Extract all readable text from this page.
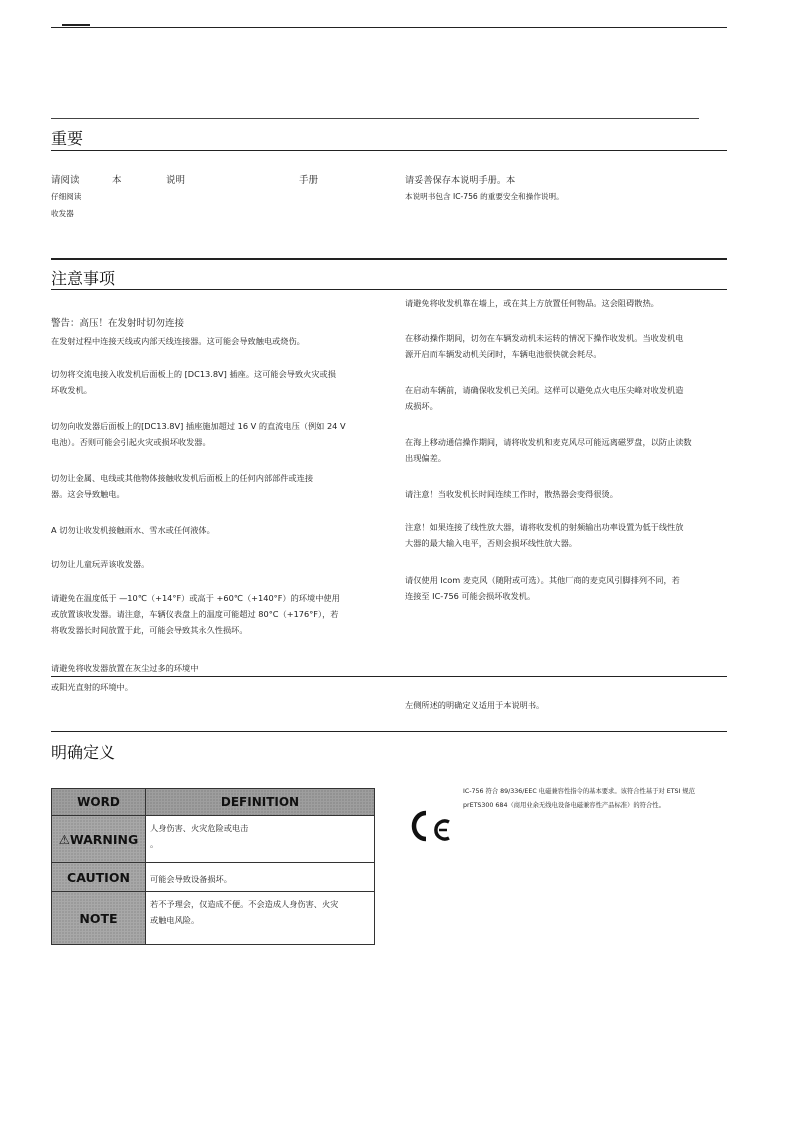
重要
请阅读	本	说明	手册
仔细阅读
收发器
请妥善保存本说明手册。本
本说明书包含 IC-756 的重要安全和操作说明。
注意事项
警告：高压！在发射时切勿连接
在发射过程中连接天线或内部天线连接器。这可能会导致触电或烧伤。
切勿将交流电接入收发机后面板上的 [DC13.8V] 插座。这可能会导致火灾或损
坏收发机。
切勿向收发器后面板上的[DC13.8V] 插座施加超过 16 V 的直流电压（例如 24 V
电池）。否则可能会引起火灾或损坏收发器。
切勿让金属、电线或其他物体接触收发机后面板上的任何内部部件或连接
器。这会导致触电。
A 切勿让收发机接触雨水、雪水或任何液体。
切勿让儿童玩弄该收发器。
请避免在温度低于 —10℃（+14°F）或高于 +60℃（+140°F）的环境中使用
或放置该收发器。请注意，车辆仪表盘上的温度可能超过 80°C（+176°F），若
将收发器长时间放置于此，可能会导致其永久性损坏。
请避免将收发器放置在灰尘过多的环境中
或阳光直射的环境中。
请避免将收发机靠在墙上，或在其上方放置任何物品。这会阻碍散热。
在移动操作期间，切勿在车辆发动机未运转的情况下操作收发机。当收发机电
源开启而车辆发动机关闭时，车辆电池很快就会耗尽。
在启动车辆前，请确保收发机已关闭。这样可以避免点火电压尖峰对收发机造
成损坏。
在海上移动通信操作期间，请将收发机和麦克风尽可能远离磁罗盘，以防止读数
出现偏差。
请注意！当收发机长时间连续工作时，散热器会变得很烫。
注意！如果连接了线性放大器，请将收发机的射频输出功率设置为低于线性放
大器的最大输入电平，否则会损坏线性放大器。
请仅使用 Icom 麦克风（随附或可选）。其他厂商的麦克风引脚排列不同，若
连接至 IC-756 可能会损坏收发机。
左侧所述的明确定义适用于本说明书。
明确定义
WORD	DEFINITION
⚠WARNING	人身伤害、火灾危险或电击
。

CAUTION	可能会导致设备损坏。

NOTE	若不予理会，仅造成不便。不会造成人身伤害、火灾
或触电风险。
IC-756 符合 89/336/EEC 电磁兼容性指令的基本要求。该符合性基于对 ETSI 规范
prETS300 684（商用业余无线电设备电磁兼容性产品标准）的符合性。
